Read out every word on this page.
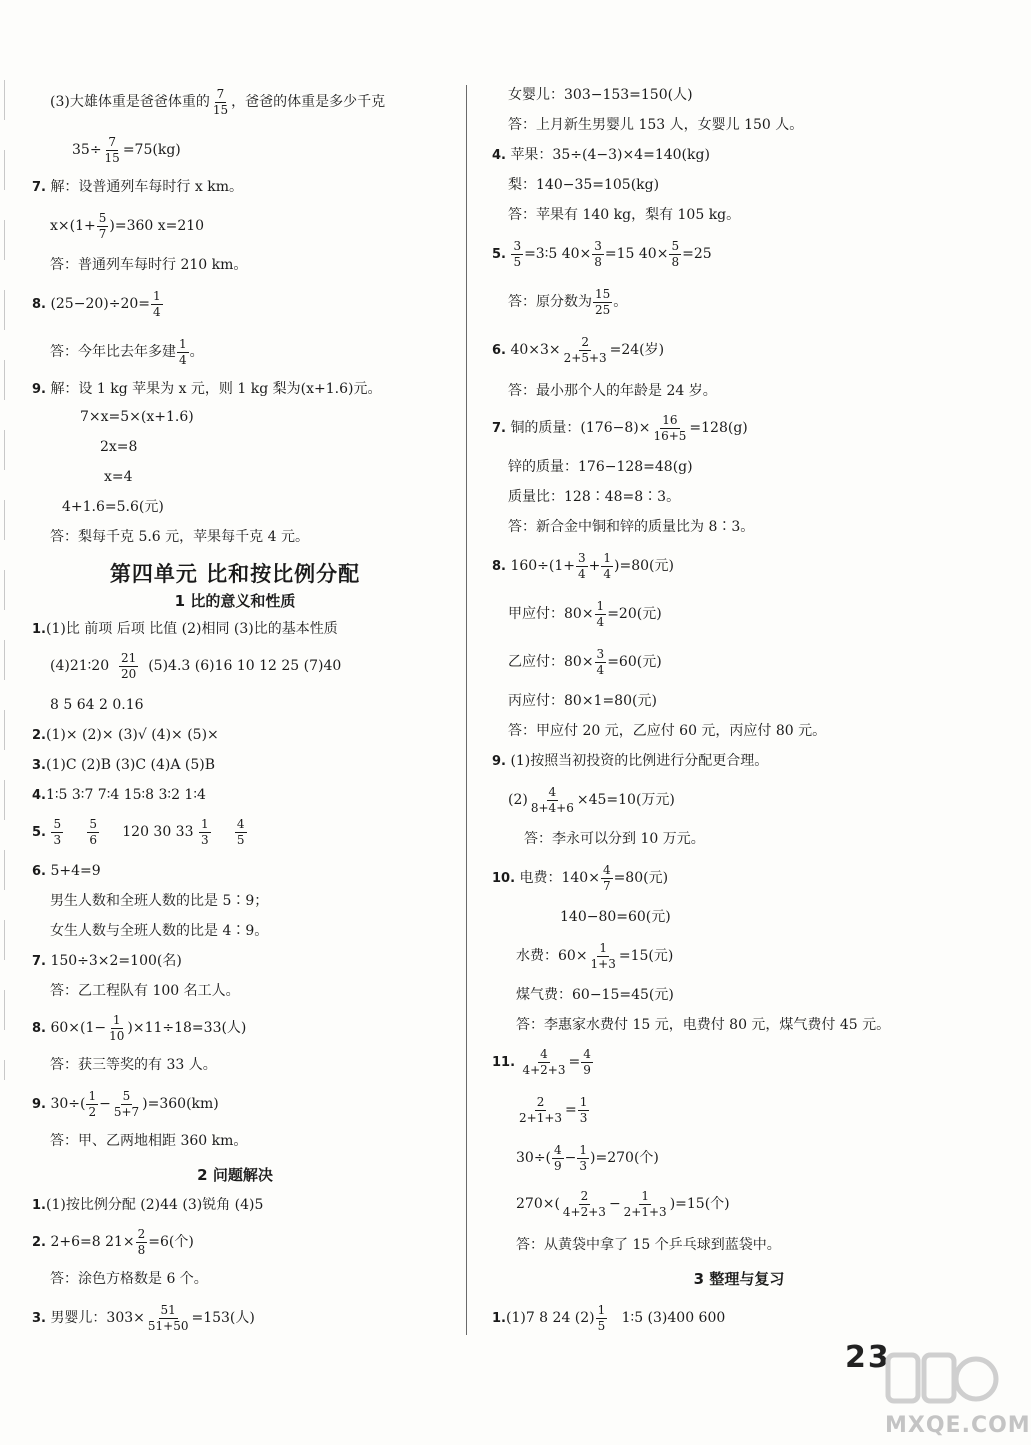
(3)大雄体重是爸爸体重的 $\frac{7}{15}$ ，爸爸的体重是多少千克
$35\div \frac{7}{15} =75(kg)$
7. 解：设普通列车每时行 x km。
$x\times(1+ \frac{5}{7} )=360$ x=210
答：普通列车每时行 210 km。
8. $(25-20)\div 20= \frac{1}{4}$
答：今年比去年多建 $\frac{1}{4}$ 。
9. 解：设 1 kg 苹果为 x 元，则 1 kg 梨为(x+1.6)元。
7×x=5×(x+1.6)
2x=8
x=4
4+1.6=5.6(元)
答：梨每千克 5.6 元，苹果每千克 4 元。
第四单元 比和按比例分配
1 比的意义和性质
1.(1)比 前项 后项 比值 (2)相同 (3)比的基本性质
(4)21∶20 $\frac{21}{20} (5)4.3$ (6)16 10 12 25 (7)40
8 5 64 2 0.16
2.(1)× (2)× (3)√ (4)× (5)×
3.(1)C (2)B (3)C (4)A (5)B
4.1∶5 3∶7 7∶4 15∶8 3∶2 1∶4
5. $\frac{5}{3}$
$\frac{5}{6} 120$ 30 $33 \frac{1}{3}$
$\frac{4}{5}$
6. 5+4=9
男生人数和全班人数的比是 5∶9；
女生人数与全班人数的比是 4∶9。
7. 150÷3×2=100(名)
答：乙工程队有 100 名工人。
8. $60\times(1- \frac{1}{10} )\times 11\div 18=33$(人)
答：获三等奖的有 33 人。
9. $30\div( \frac{1}{2} - \frac{5}{5+7} )=360(km)$
答：甲、乙两地相距 360 km。
2 问题解决
1.(1)按比例分配 (2)44 (3)锐角 (4)5
2. 2+6=8 $21\times \frac{2}{8} =6$(个)
答：涂色方格数是 6 个。
3. 男婴儿：$303\times \frac{51}{51+50} =153$(人)
女婴儿：303−153=150(人)
答：上月新生男婴儿 153 人，女婴儿 150 人。
4. 苹果：35÷(4−3)×4=140(kg)
梨：140−35=105(kg)
答：苹果有 140 kg，梨有 105 kg。
5. $\frac{3}{5}$ =3∶5 $40\times \frac{3}{8} =15$ $40\times \frac{5}{8} =25$
答：原分数为 $\frac{15}{25}$ 。
6. $40\times 3\times \frac{2}{2+5+3} =24$(岁)
答：最小那个人的年龄是 24 岁。
7. 铜的质量：$(176-8)\times \frac{16}{16+5} =128(g)$
锌的质量：176−128=48(g)
质量比：128∶48=8∶3。
答：新合金中铜和锌的质量比为 8∶3。
8. $160\div(1+ \frac{3}{4} + \frac{1}{4} )=80$(元)
甲应付：$80\times \frac{1}{4} =20$(元)
乙应付：$80\times \frac{3}{4} =60$(元)
丙应付：80×1=80(元)
答：甲应付 20 元，乙应付 60 元，丙应付 80 元。
9. (1)按照当初投资的比例进行分配更合理。
$(2) \frac{4}{8+4+6} \times 45=10$(万元)
答：李永可以分到 10 万元。
10. 电费：$140\times \frac{4}{7} =80$(元)
140−80=60(元)
水费：$60\times \frac{1}{1+3} =15$(元)
煤气费：60−15=45(元)
答：李惠家水费付 15 元，电费付 80 元，煤气费付 45 元。
11. $\frac{4}{4+2+3} = \frac{4}{9}$
$\frac{2}{2+1+3} = \frac{1}{3}$
$30\div( \frac{4}{9} - \frac{1}{3} )=270$(个)
$270\times( \frac{2}{4+2+3} - \frac{1}{2+1+3} )=15$(个)
答：从黄袋中拿了 15 个乒乓球到蓝袋中。
3 整理与复习
1.(1)7 8 24 $(2) \frac{1}{5}$ 1∶5 (3)400 600
23
MXQE.COM
